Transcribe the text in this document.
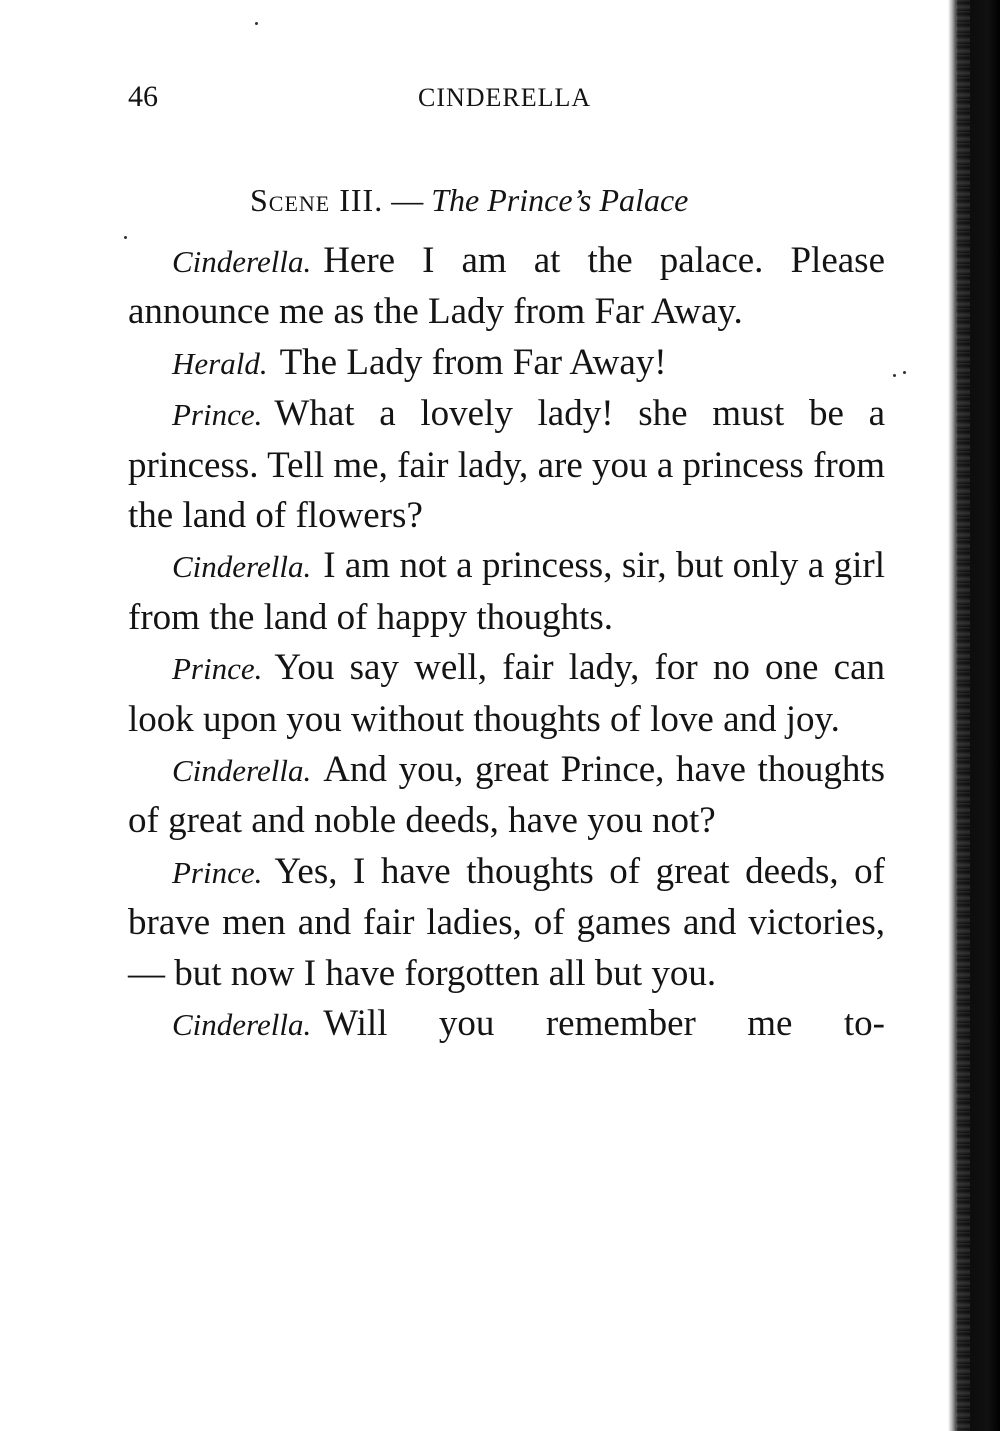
46	CINDERELLA
Scene III. — The Prince’s Palace

Cinderella. Here I am at the palace. Please announce me as the Lady from Far Away.

Herald. The Lady from Far Away!

Prince. What a lovely lady! she must be a princess. Tell me, fair lady, are you a princess from the land of flowers?

Cinderella. I am not a princess, sir, but only a girl from the land of happy thoughts.

Prince. You say well, fair lady, for no one can look upon you without thoughts of love and joy.

Cinderella. And you, great Prince, have thoughts of great and noble deeds, have you not?

Prince. Yes, I have thoughts of great deeds, of brave men and fair ladies, of games and victories, — but now I have forgotten all but you.

Cinderella. Will you remember me to-
